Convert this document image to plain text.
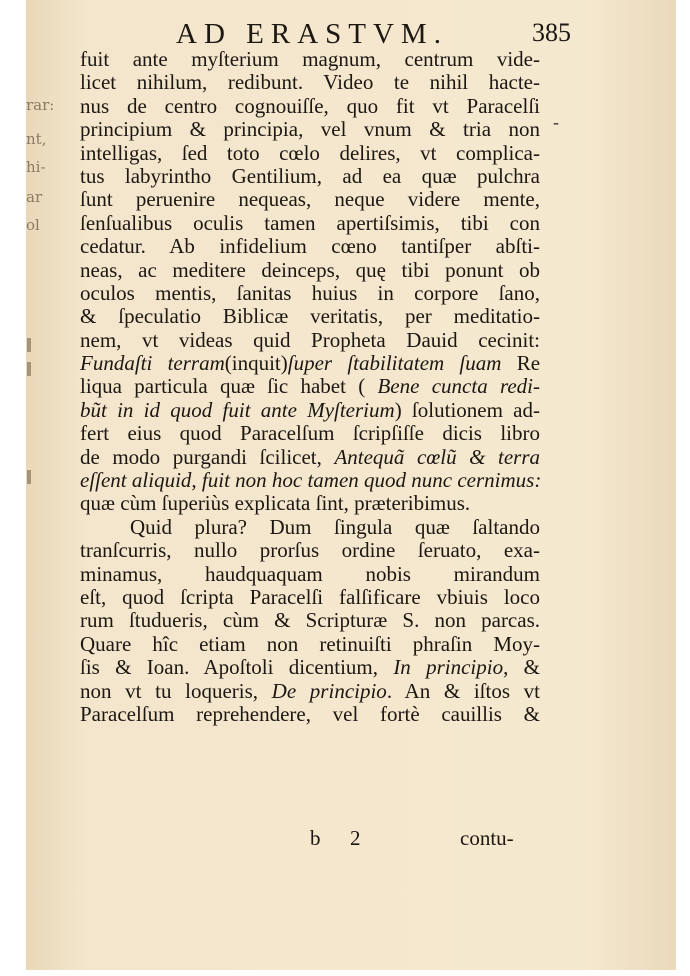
rar:
nt,
hi-
ar
ol
AD ERASTVM.	385
-
fuit ante myſterium magnum, centrum vide-
licet nihilum, redibunt. Video te nihil hacte-
nus de centro cognouiſſe, quo fit vt Paracelſi
principium & principia, vel vnum & tria non
intelligas, ſed toto cœlo delires, vt complica-
tus labyrintho Gentilium, ad ea quæ pulchra
ſunt peruenire nequeas, neque videre mente,
ſenſualibus oculis tamen apertiſsimis, tibi con
cedatur. Ab infidelium cœno tantiſper abſti-
neas, ac meditere deinceps, quę tibi ponunt ob
oculos mentis, ſanitas huius in corpore ſano,
& ſpeculatio Biblicæ veritatis, per meditatio-
nem, vt videas quid Propheta Dauid cecinit:
Fundaſti terram(inquit)ſuper ſtabilitatem ſuam Re
liqua particula quæ ſic habet ( Bene cuncta redi-
bũt in id quod fuit ante Myſterium) ſolutionem ad-
fert eius quod Paracelſum ſcripſiſſe dicis libro
de modo purgandi ſcilicet, Antequã cœlũ & terra
eſſent aliquid, fuit non hoc tamen quod nunc cernimus:
quæ cùm ſuperiùs explicata ſint, præteribimus.
Quid plura? Dum ſingula quæ ſaltando
tranſcurris, nullo prorſus ordine ſeruato, exa-
minamus, haudquaquam nobis mirandum
eſt, quod ſcripta Paracelſi falſificare vbiuis loco
rum ſtudueris, cùm & Scripturæ S. non parcas.
Quare hîc etiam non retinuiſti phraſin Moy-
ſis & Ioan. Apoſtoli dicentium, In principio, &
non vt tu loqueris, De principio. An & iſtos vt
Paracelſum reprehendere, vel fortè cauillis &
b 2	contu-
